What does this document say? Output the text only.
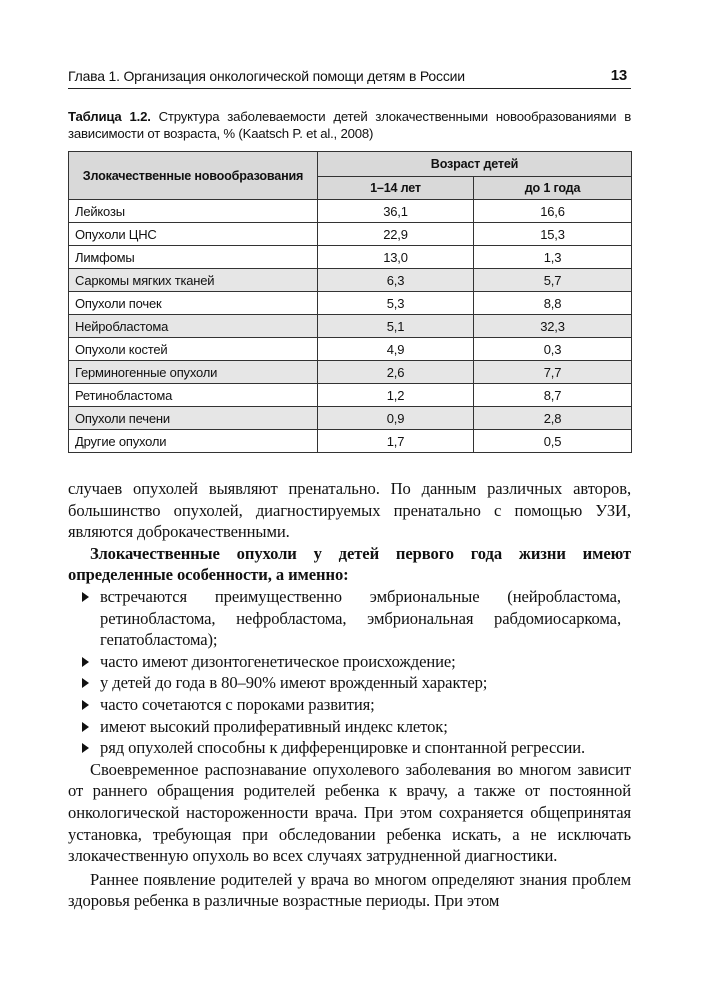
Глава 1. Организация онкологической помощи детям в России	13
Таблица 1.2. Структура заболеваемости детей злокачественными новообразованиями в зависимости от возраста, % (Kaatsch P. et al., 2008)
Злокачественные новообразования	Возраст детей	
	1–14 лет	до 1 года
Лейкозы	36,1	16,6
Опухоли ЦНС	22,9	15,3
Лимфомы	13,0	1,3
Саркомы мягких тканей	6,3	5,7
Опухоли почек	5,3	8,8
Нейробластома	5,1	32,3
Опухоли костей	4,9	0,3
Герминогенные опухоли	2,6	7,7
Ретинобластома	1,2	8,7
Опухоли печени	0,9	2,8
Другие опухоли	1,7	0,5

случаев опухолей выявляют пренатально. По данным различных авторов, большинство опухолей, диагностируемых пренатально с помощью УЗИ, являются доброкачественными.

Злокачественные опухоли у детей первого года жизни имеют определенные особенности, а именно:

встречаются преимущественно эмбриональные (нейробластома, ретинобластома, нефробластома, эмбриональная рабдомиосаркома, гепатобластома);
часто имеют дизонтогенетическое происхождение;
у детей до года в 80–90% имеют врожденный характер;
часто сочетаются с пороками развития;
имеют высокий пролиферативный индекс клеток;
ряд опухолей способны к дифференцировке и спонтанной регрессии.

Своевременное распознавание опухолевого заболевания во многом зависит от раннего обращения родителей ребенка к врачу, а также от постоянной онкологической настороженности врача. При этом сохраняется общепринятая установка, требующая при обследовании ребенка искать, а не исключать злокачественную опухоль во всех случаях затрудненной диагностики.

Раннее появление родителей у врача во многом определяют знания проблем здоровья ребенка в различные возрастные периоды. При этом
